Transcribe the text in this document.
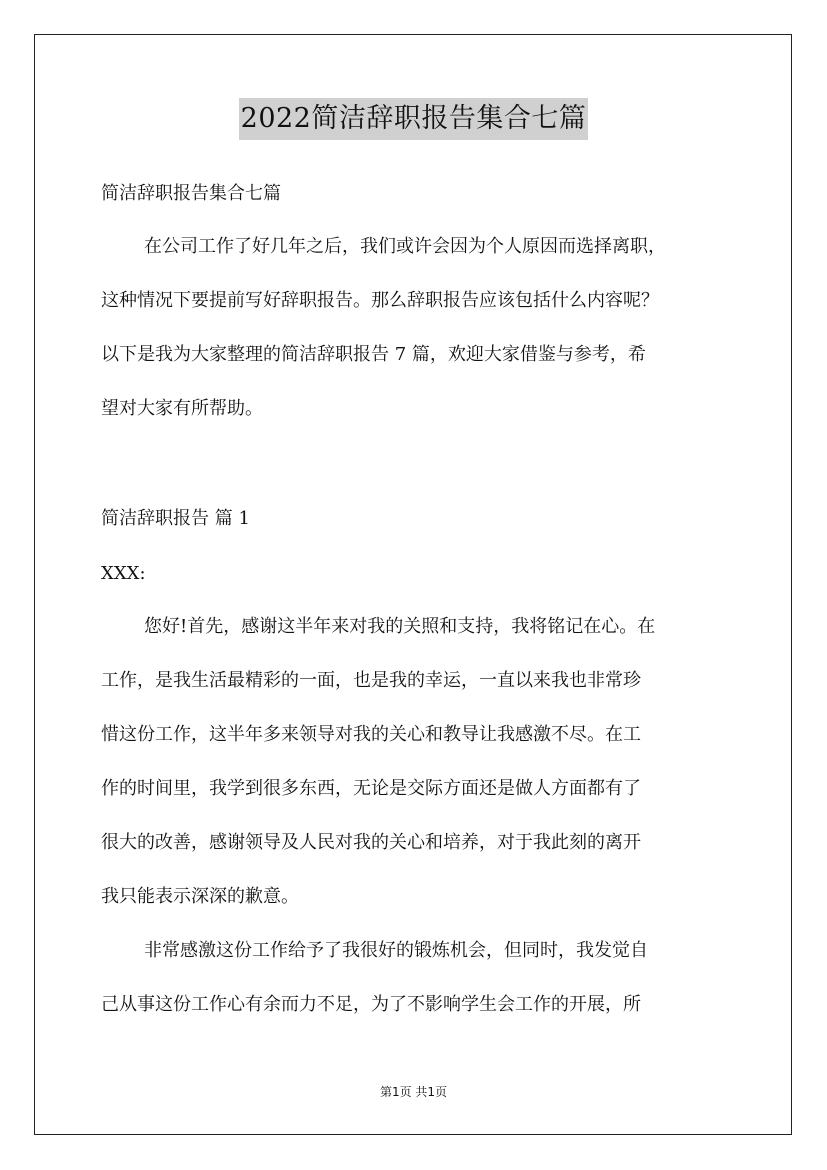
2022简洁辞职报告集合七篇
简洁辞职报告集合七篇
在公司工作了好几年之后，我们或许会因为个人原因而选择离职，
这种情况下要提前写好辞职报告。那么辞职报告应该包括什么内容呢？
以下是我为大家整理的简洁辞职报告 7 篇，欢迎大家借鉴与参考，希
望对大家有所帮助。
简洁辞职报告 篇 1
XXX:
您好!首先，感谢这半年来对我的关照和支持，我将铭记在心。在
工作，是我生活最精彩的一面，也是我的幸运，一直以来我也非常珍
惜这份工作，这半年多来领导对我的关心和教导让我感激不尽。在工
作的时间里，我学到很多东西，无论是交际方面还是做人方面都有了
很大的改善，感谢领导及人民对我的关心和培养，对于我此刻的离开
我只能表示深深的歉意。
非常感激这份工作给予了我很好的锻炼机会，但同时，我发觉自
己从事这份工作心有余而力不足，为了不影响学生会工作的开展，所
第1页 共1页
